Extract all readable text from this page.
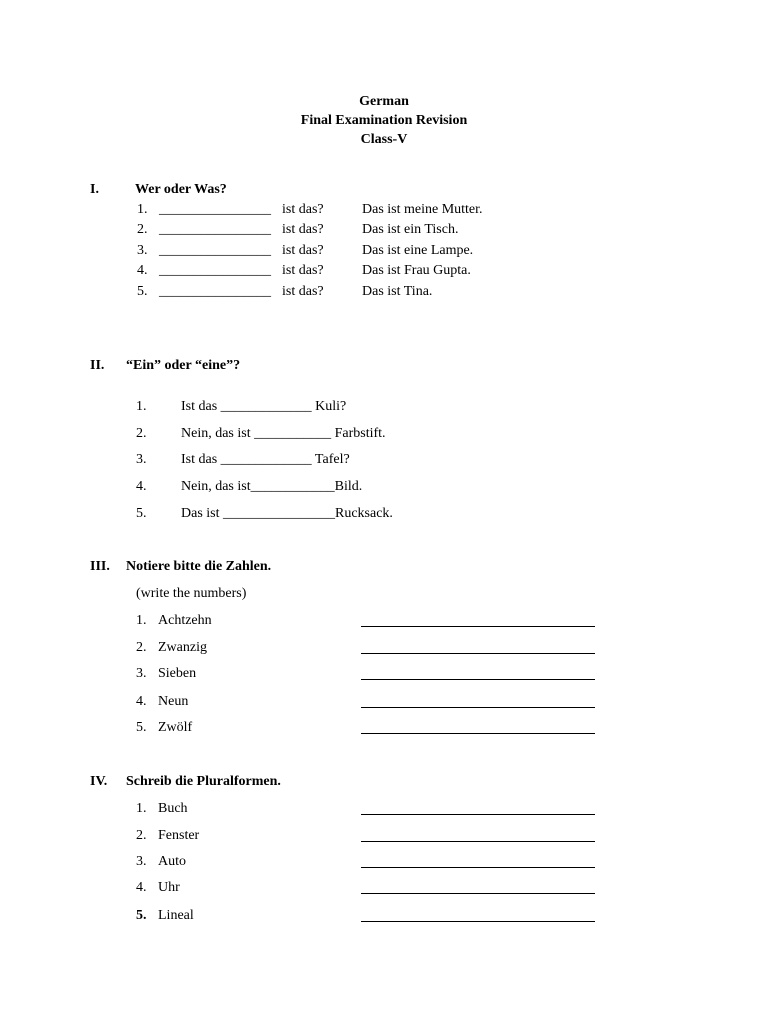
German
Final Examination Revision
Class-V
I.	Wer oder Was?
1. ________________ ist das?	Das ist meine Mutter.
2. ________________ ist das?	Das ist ein Tisch.
3. ________________ ist das?	Das ist eine Lampe.
4. ________________ ist das?	Das ist Frau Gupta.
5. ________________ ist das?	Das ist Tina.
II. “Ein” oder “eine”?
1. Ist das _____________ Kuli?
2. Nein, das ist ___________ Farbstift.
3. Ist das _____________ Tafel?
4. Nein, das ist____________Bild.
5. Das ist ________________Rucksack.
III. Notiere bitte die Zahlen.
(write the numbers)
1. Achtzehn
2. Zwanzig
3. Sieben
4. Neun
5. Zwölf
IV. Schreib die Pluralformen.
1. Buch
2. Fenster
3. Auto
4. Uhr
5. Lineal
